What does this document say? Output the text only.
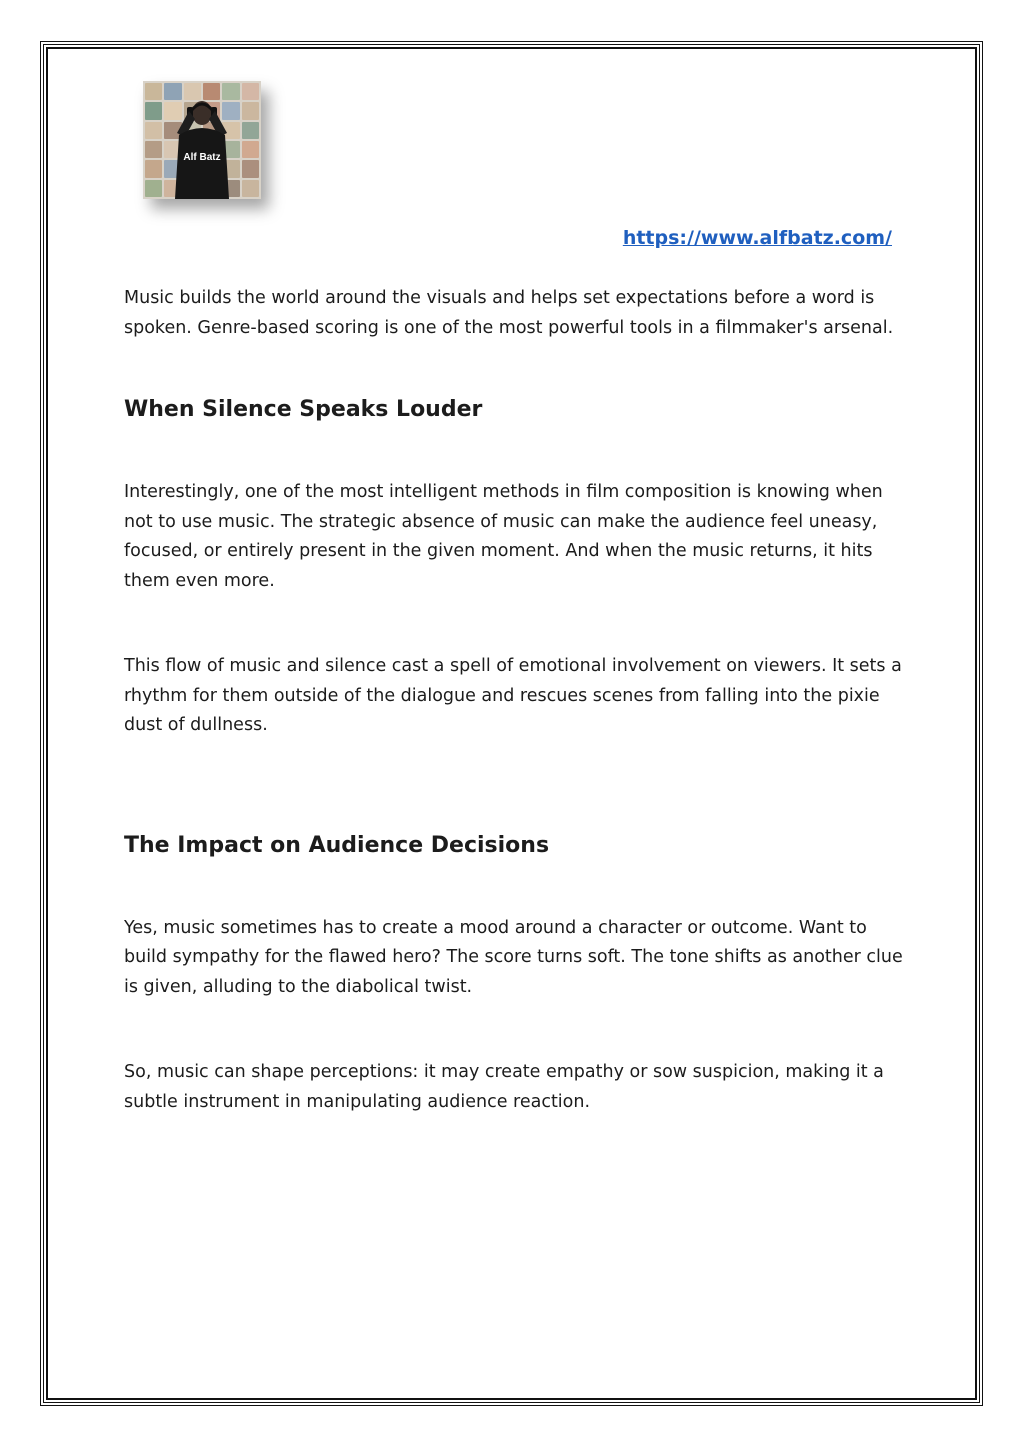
Alf Batz
https://www.alfbatz.com/

Music builds the world around the visuals and helps set expectations before a word is spoken. Genre-based scoring is one of the most powerful tools in a filmmaker's arsenal.

When Silence Speaks Louder

Interestingly, one of the most intelligent methods in film composition is knowing when not to use music. The strategic absence of music can make the audience feel uneasy, focused, or entirely present in the given moment. And when the music returns, it hits them even more.

This flow of music and silence cast a spell of emotional involvement on viewers. It sets a rhythm for them outside of the dialogue and rescues scenes from falling into the pixie dust of dullness.

The Impact on Audience Decisions

Yes, music sometimes has to create a mood around a character or outcome. Want to build sympathy for the flawed hero? The score turns soft. The tone shifts as another clue is given, alluding to the diabolical twist.

So, music can shape perceptions: it may create empathy or sow suspicion, making it a subtle instrument in manipulating audience reaction.
